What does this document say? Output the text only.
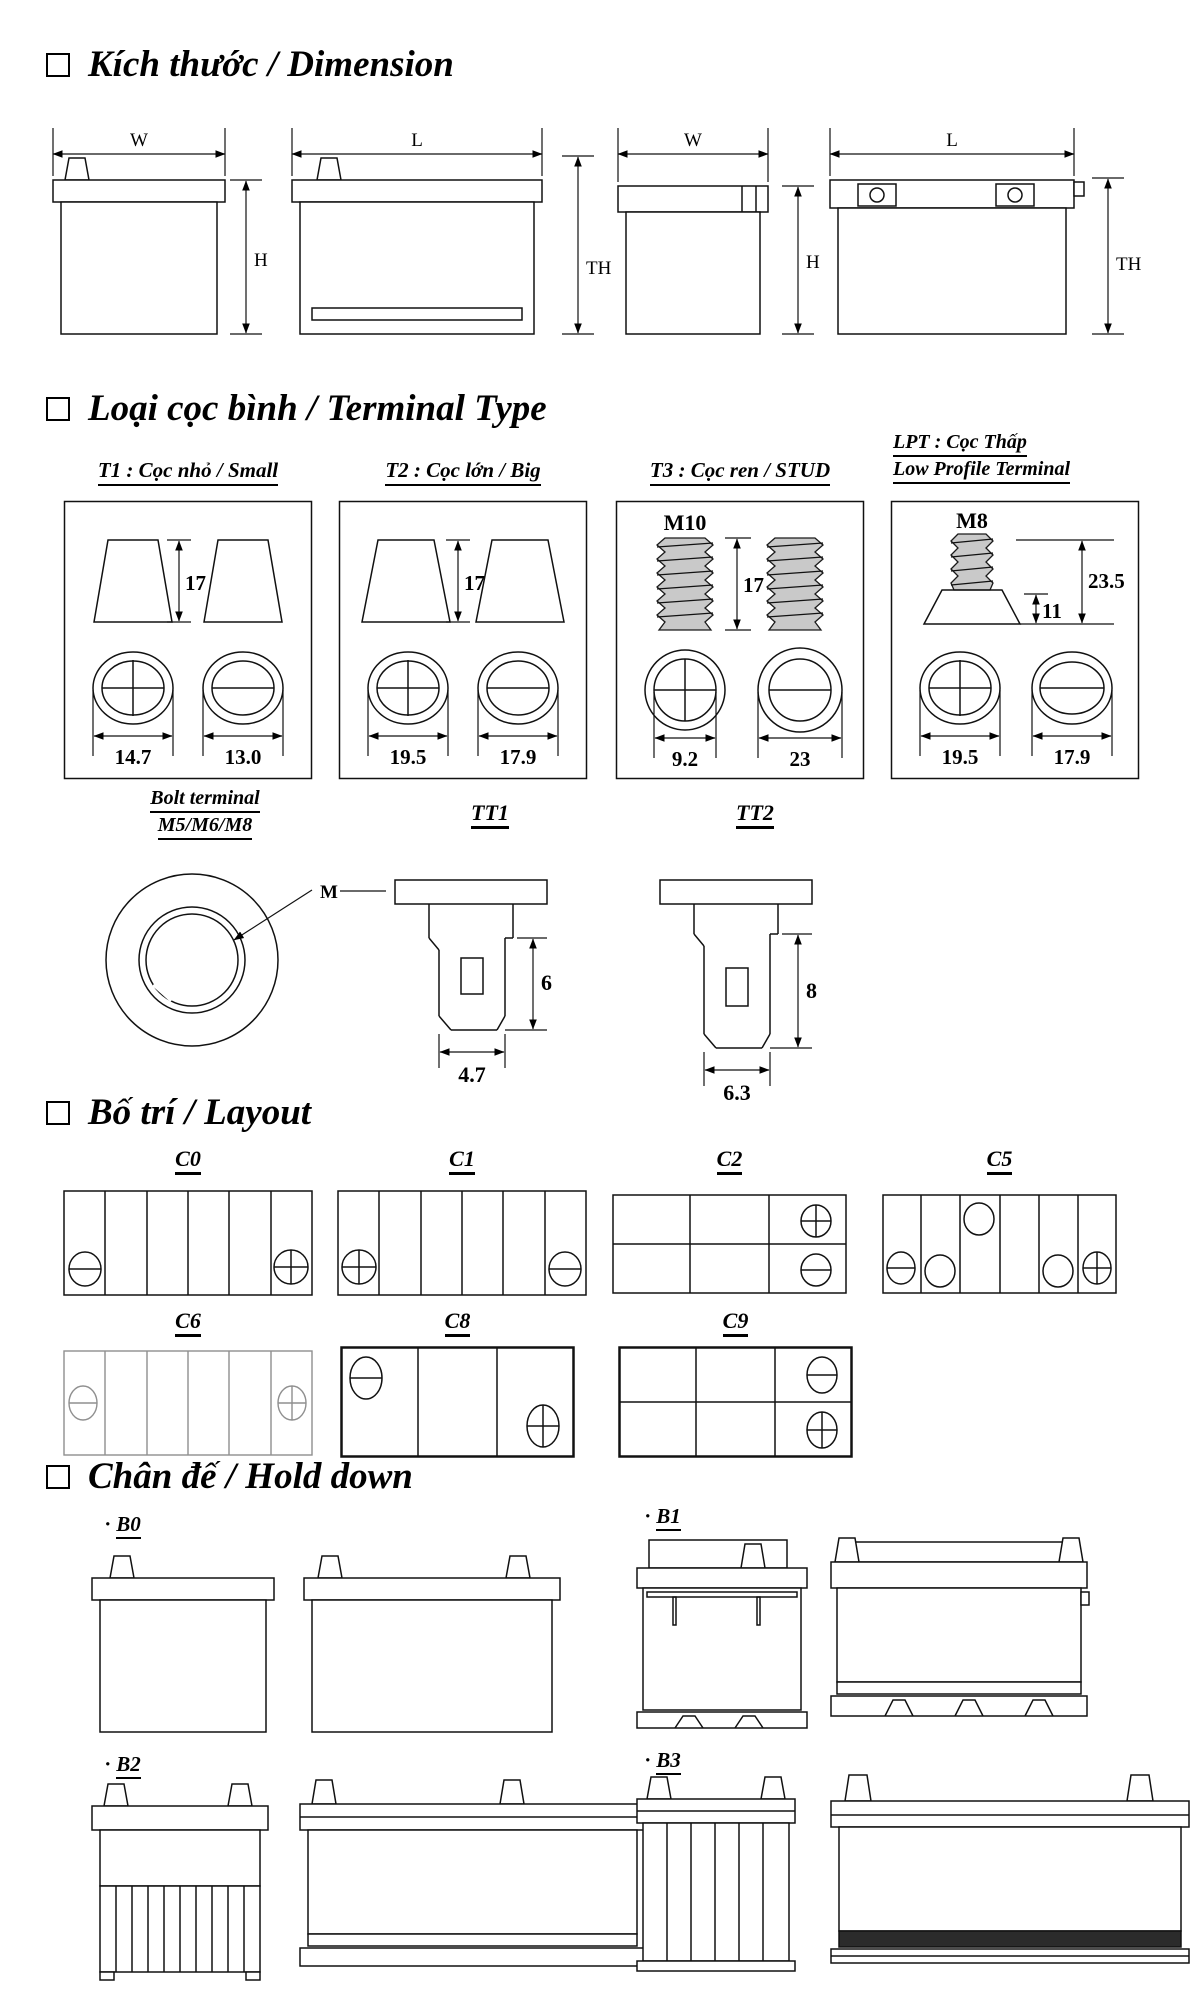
Kích thước / Dimension
W
H
L
TH
W
H
L
TH
Loại cọc bình / Terminal Type
T1 : Cọc nhỏ / Small	T2 : Cọc lớn / Big	T3 : Cọc ren / STUD
LPT : Cọc Thấp
Low Profile Terminal
17
14.7	13.0
17
19.5	17.9
M10
17
9.2	23
M8
11
23.5
19.5	17.9
Bolt terminal
M5/M6/M8
M
TT1
6
4.7
TT2
8
6.3
Bố trí / Layout
C0	C1	C2	C5
C6	C8	C9
Chân đế / Hold down
· B0	· B1
· B2	· B3
